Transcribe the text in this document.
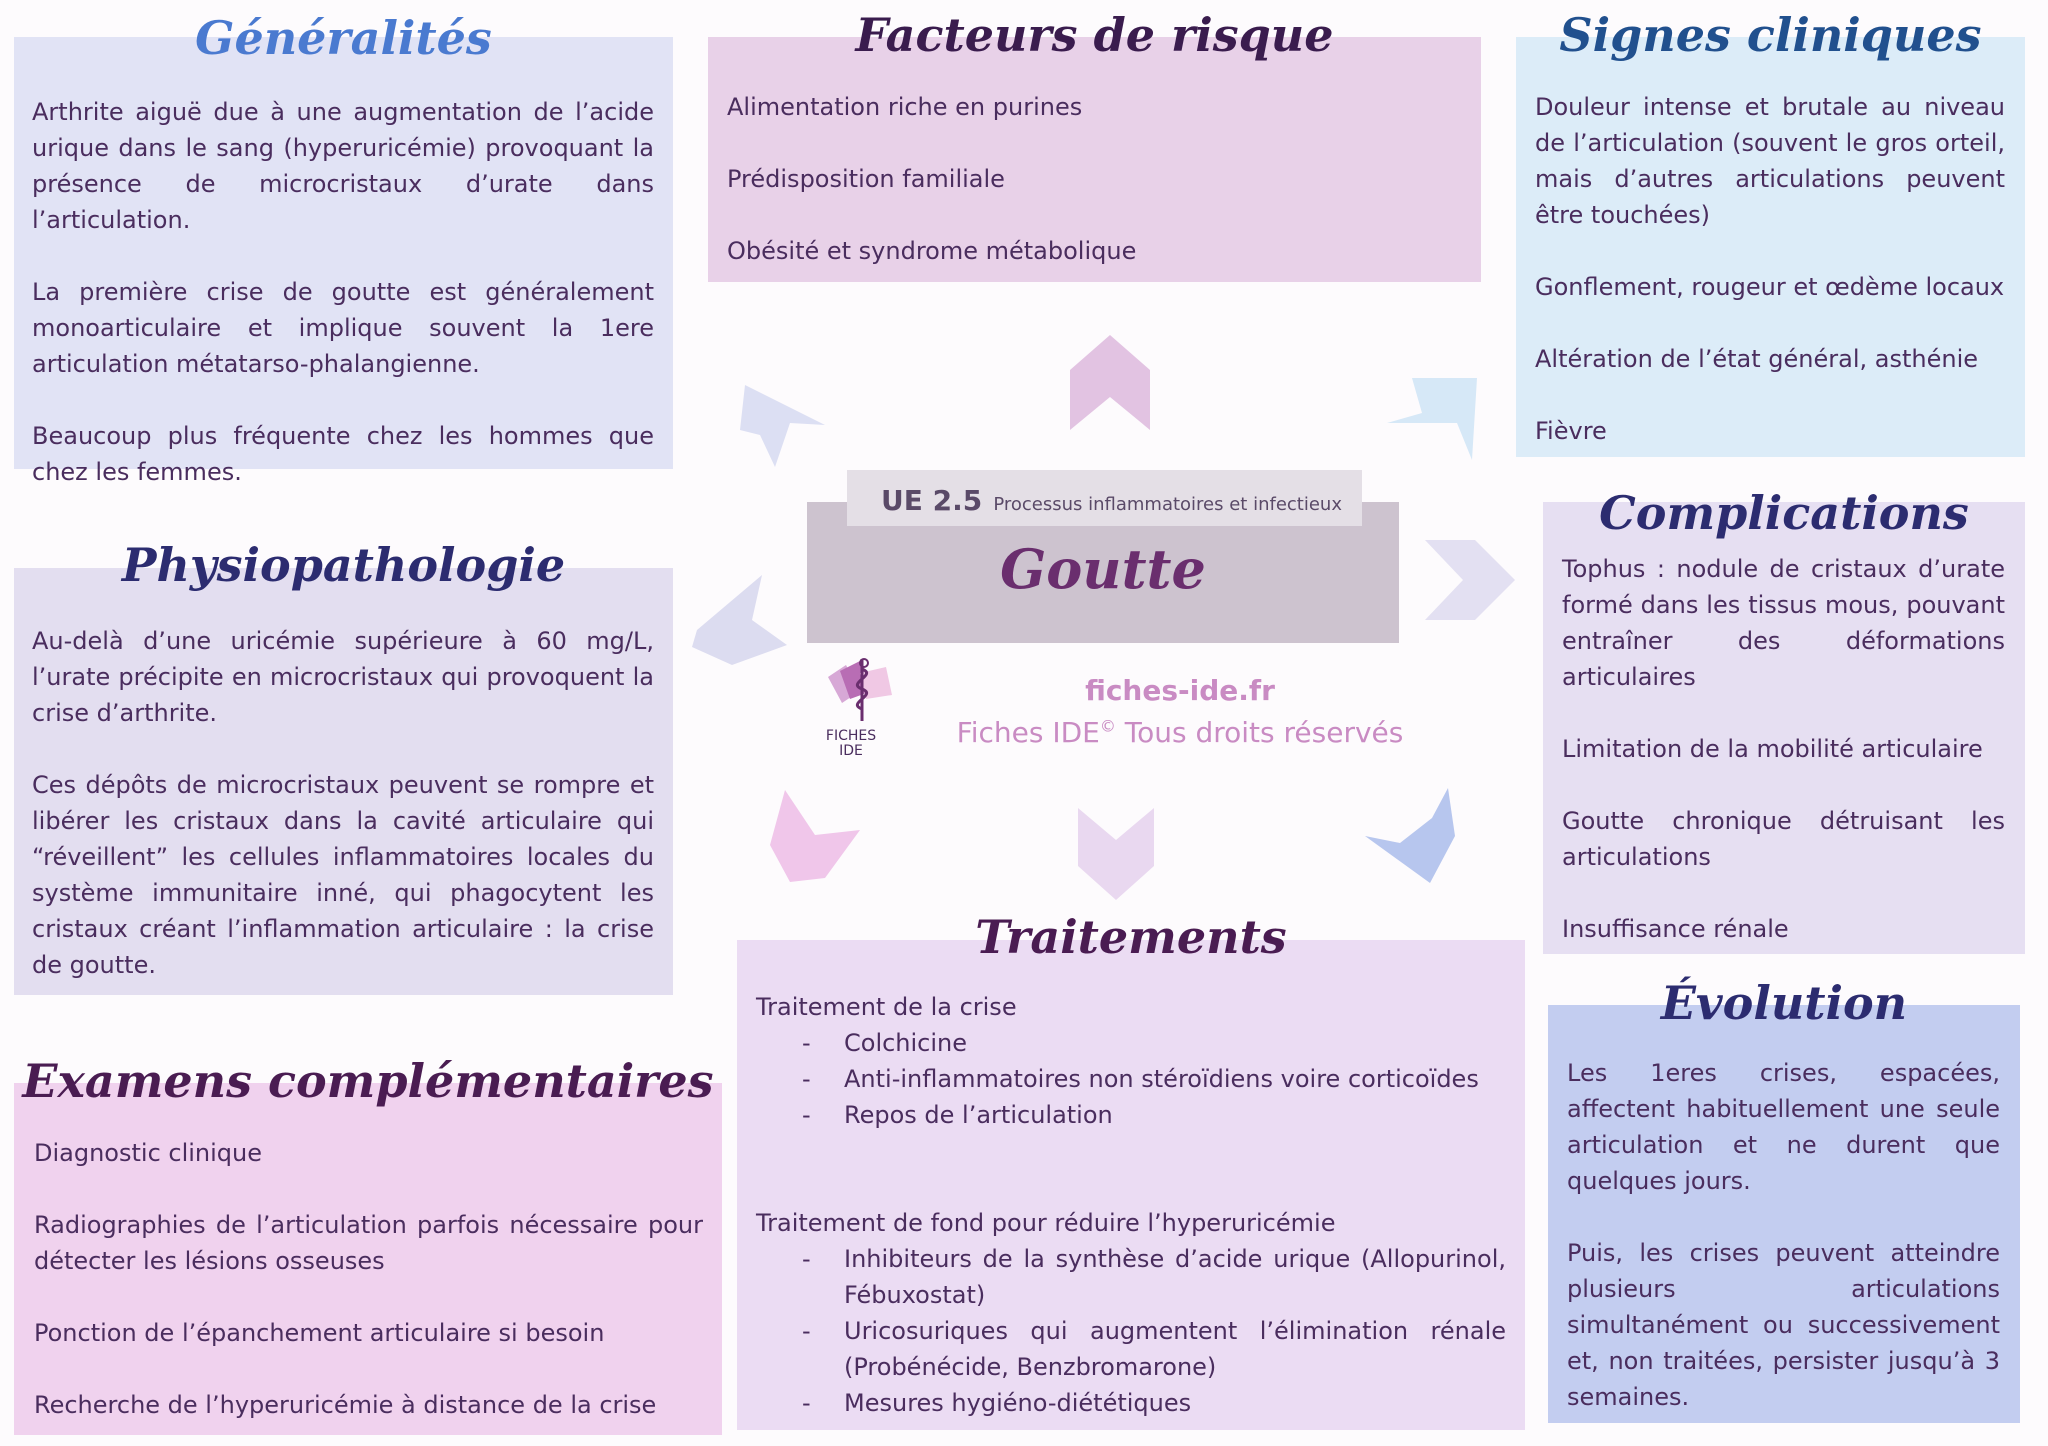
Généralités

Arthrite aiguë due à une augmentation de l’acide urique dans le sang (hyperuricémie) provoquant la présence de microcristaux d’urate dans l’articulation.

La première crise de goutte est généralement monoarticulaire et implique souvent la 1ere articulation métatarso-phalangienne.

Beaucoup plus fréquente chez les hommes que chez les femmes.

Facteurs de risque

Alimentation riche en purines

Prédisposition familiale

Obésité et syndrome métabolique

Signes cliniques

Douleur intense et brutale au niveau de l’articulation (souvent le gros orteil, mais d’autres articulations peuvent être touchées)

Gonflement, rougeur et œdème locaux

Altération de l’état général, asthénie

Fièvre

Physiopathologie

Au-delà d’une uricémie supérieure à 60 mg/L, l’urate précipite en microcristaux qui provoquent la crise d’arthrite.

Ces dépôts de microcristaux peuvent se rompre et libérer les cristaux dans la cavité articulaire qui “réveillent” les cellules inflammatoires locales du système immunitaire inné, qui phagocytent les cristaux créant l’inflammation articulaire : la crise de goutte.

Complications

Tophus : nodule de cristaux d’urate formé dans les tissus mous, pouvant entraîner des déformations articulaires

Limitation de la mobilité articulaire

Goutte chronique détruisant les articulations

Insuffisance rénale

Examens complémentaires

Diagnostic clinique

Radiographies de l’articulation parfois nécessaire pour détecter les lésions osseuses

Ponction de l’épanchement articulaire si besoin

Recherche de l’hyperuricémie à distance de la crise

Traitements

Traitement de la crise

- Colchicine
- Anti-inflammatoires non stéroïdiens voire corticoïdes
- Repos de l’articulation

Traitement de fond pour réduire l’hyperuricémie

- Inhibiteurs de la synthèse d’acide urique (Allopurinol, Fébuxostat)
- Uricosuriques qui augmentent l’élimination rénale (Probénécide, Benzbromarone)
- Mesures hygiéno-diététiques
Évolution

Les 1eres crises, espacées, affectent habituellement une seule articulation et ne durent que quelques jours.

Puis, les crises peuvent atteindre plusieurs articulations simultanément ou successivement et, non traitées, persister jusqu’à 3 semaines.

UE 2.5 Processus inflammatoires et infectieux
Goutte
FICHES
IDE
fiches-ide.fr
Fiches IDE© Tous droits réservés
